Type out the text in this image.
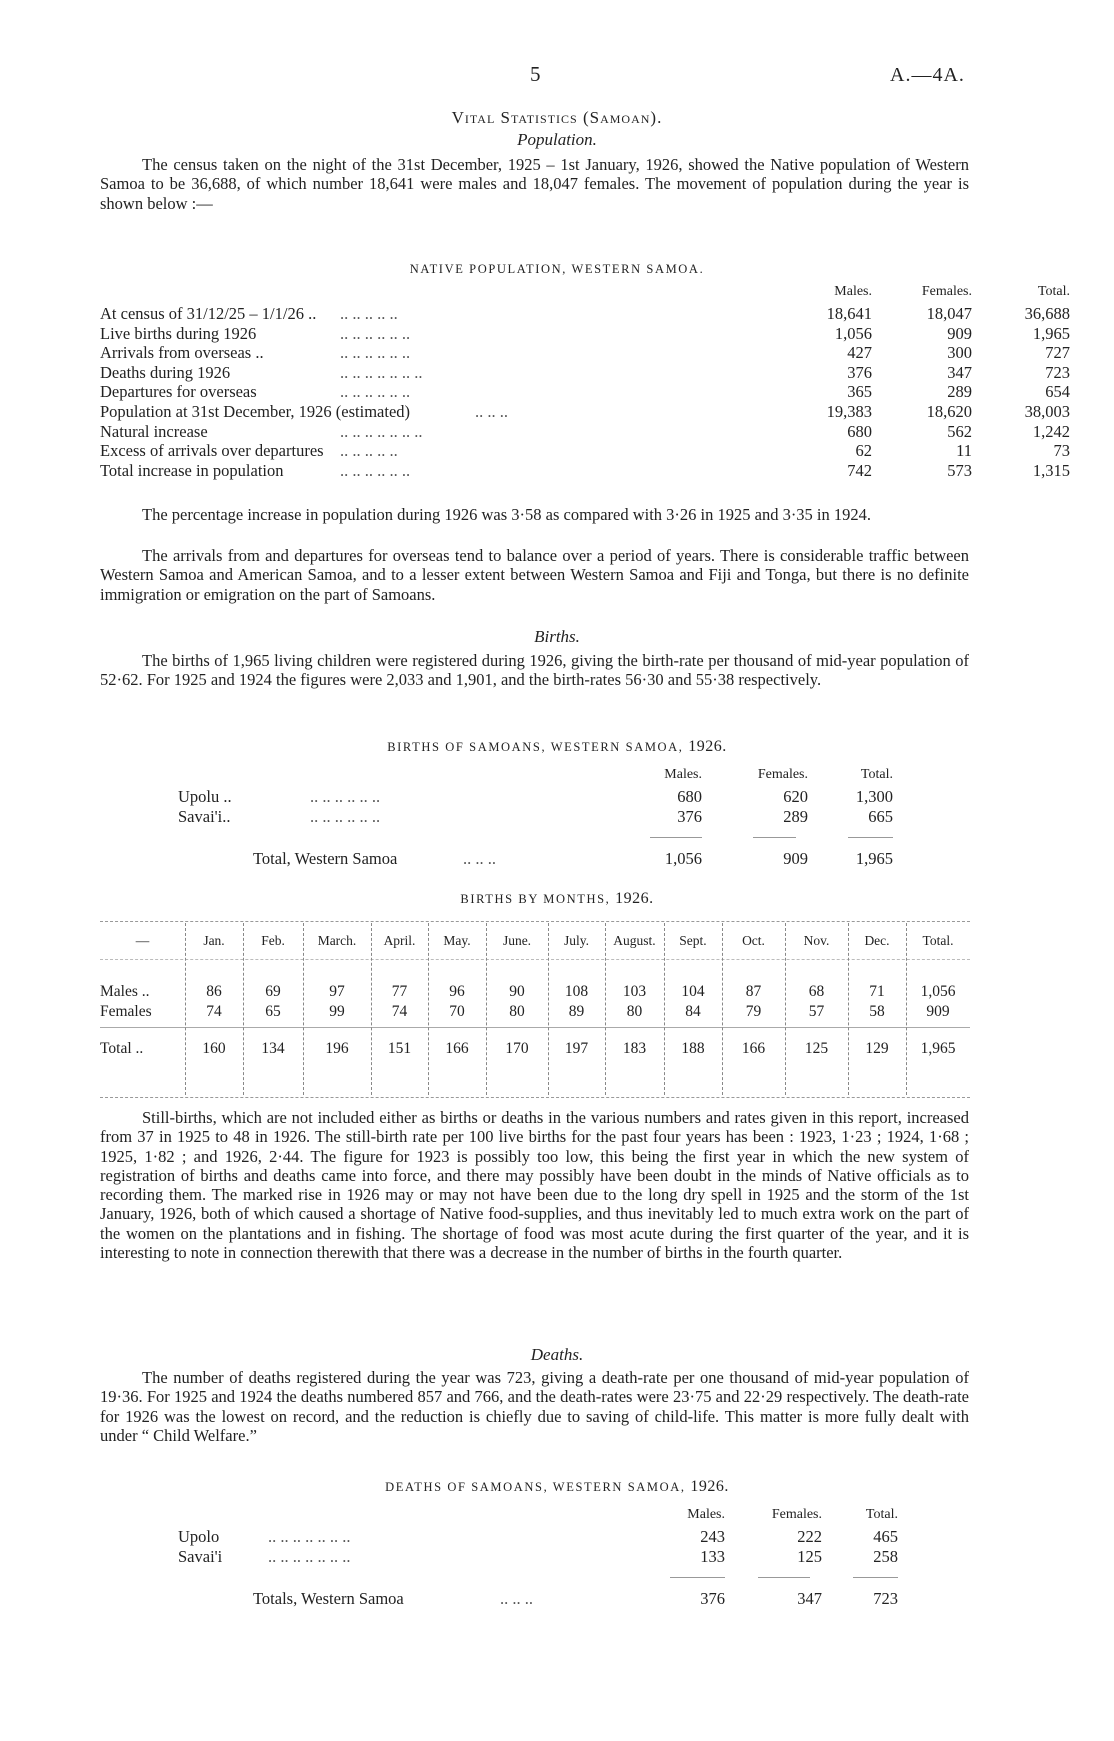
5	A.—4A.
Vital Statistics (Samoan).
Population.
The census taken on the night of the 31st December, 1925 – 1st January, 1926, showed the Native population of Western Samoa to be 36,688, of which number 18,641 were males and 18,047 females. The movement of population during the year is shown below :—
NATIVE POPULATION, WESTERN SAMOA.
Males.	Females.	Total.
At census of 31/12/25 – 1/1/26 .. .. .. .. .. ..	18,641	18,047	36,688
Live births during 1926	.. .. .. .. .. ..	1,056	909	1,965
Arrivals from overseas ..	.. .. .. .. .. ..	427	300	727
Deaths during 1926	.. .. .. .. .. .. ..	376	347	723
Departures for overseas	.. .. .. .. .. ..	365	289	654
Population at 31st December, 1926 (estimated)	.. .. ..	19,383	18,620	38,003
Natural increase	.. .. .. .. .. .. ..	680	562	1,242
Excess of arrivals over departures .. .. .. .. ..	62	11	73
Total increase in population	.. .. .. .. .. ..	742	573	1,315
The percentage increase in population during 1926 was 3·58 as compared with 3·26 in 1925 and 3·35 in 1924.
The arrivals from and departures for overseas tend to balance over a period of years. There is considerable traffic between Western Samoa and American Samoa, and to a lesser extent between Western Samoa and Fiji and Tonga, but there is no definite immigration or emigration on the part of Samoans.
Births.
The births of 1,965 living children were registered during 1926, giving the birth-rate per thousand of mid-year population of 52·62. For 1925 and 1924 the figures were 2,033 and 1,901, and the birth-rates 56·30 and 55·38 respectively.
BIRTHS OF SAMOANS, WESTERN SAMOA, 1926.
Males.	Females.	Total.
Upolu ..	.. .. .. .. .. ..	680	620	1,300
Savai'i..	.. .. .. .. .. ..	376	289	665
Total, Western Samoa	.. .. ..	1,056	909	1,965
BIRTHS BY MONTHS, 1926.
—	Jan.	Feb.	March.	April.	May.	June.	July.	August.	Sept.	Oct.	Nov.	Dec.	Total.
Males ..	86	69	97	77	96	90	108	103	104	87	68	71	1,056
Females	74	65	99	74	70	80	89	80	84	79	57	58	909
Total ..	160	134	196	151	166	170	197	183	188	166	125	129	1,965
Still-births, which are not included either as births or deaths in the various numbers and rates given in this report, increased from 37 in 1925 to 48 in 1926. The still-birth rate per 100 live births for the past four years has been : 1923, 1·23 ; 1924, 1·68 ; 1925, 1·82 ; and 1926, 2·44. The figure for 1923 is possibly too low, this being the first year in which the new system of registration of births and deaths came into force, and there may possibly have been doubt in the minds of Native officials as to recording them. The marked rise in 1926 may or may not have been due to the long dry spell in 1925 and the storm of the 1st January, 1926, both of which caused a shortage of Native food-supplies, and thus inevitably led to much extra work on the part of the women on the plantations and in fishing. The shortage of food was most acute during the first quarter of the year, and it is interesting to note in connection therewith that there was a decrease in the number of births in the fourth quarter.
Deaths.
The number of deaths registered during the year was 723, giving a death-rate per one thousand of mid-year population of 19·36. For 1925 and 1924 the deaths numbered 857 and 766, and the death-rates were 23·75 and 22·29 respectively. The death-rate for 1926 was the lowest on record, and the reduction is chiefly due to saving of child-life. This matter is more fully dealt with under “ Child Welfare.”
DEATHS OF SAMOANS, WESTERN SAMOA, 1926.
Males.	Females.	Total.
Upolo	.. .. .. .. .. .. ..	243	222	465
Savai'i	.. .. .. .. .. .. ..	133	125	258
Totals, Western Samoa	.. .. ..	376	347	723
